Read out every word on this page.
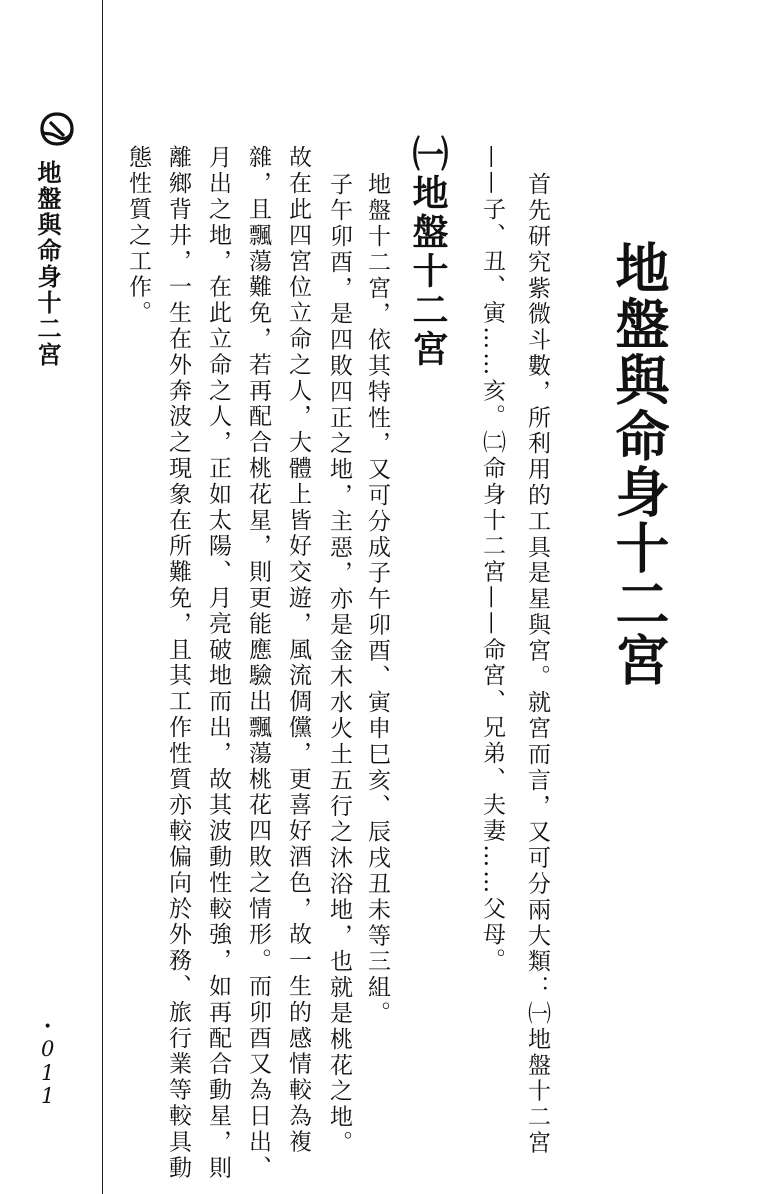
地盤與命身十二宮
•
0
1
1
地盤與命身十二宮
首先研究紫微斗數，所利用的工具是星與宮。就宮而言，又可分兩大類：㈠地盤十二宮
——子、丑、寅……亥。㈡命身十二宮——命宮、兄弟、夫妻……父母。
㈠地盤十二宮
地盤十二宮，依其特性，又可分成子午卯酉、寅申巳亥、辰戌丑未等三組。
子午卯酉，是四敗四正之地，主惡，亦是金木水火土五行之沐浴地，也就是桃花之地。
故在此四宮位立命之人，大體上皆好交遊，風流倜儻，更喜好酒色，故一生的感情較為複
雜，且飄蕩難免，若再配合桃花星，則更能應驗出飄蕩桃花四敗之情形。而卯酉又為日出、
月出之地，在此立命之人，正如太陽、月亮破地而出，故其波動性較強，如再配合動星，則
離鄉背井，一生在外奔波之現象在所難免，且其工作性質亦較偏向於外務、旅行業等較具動
態性質之工作。
